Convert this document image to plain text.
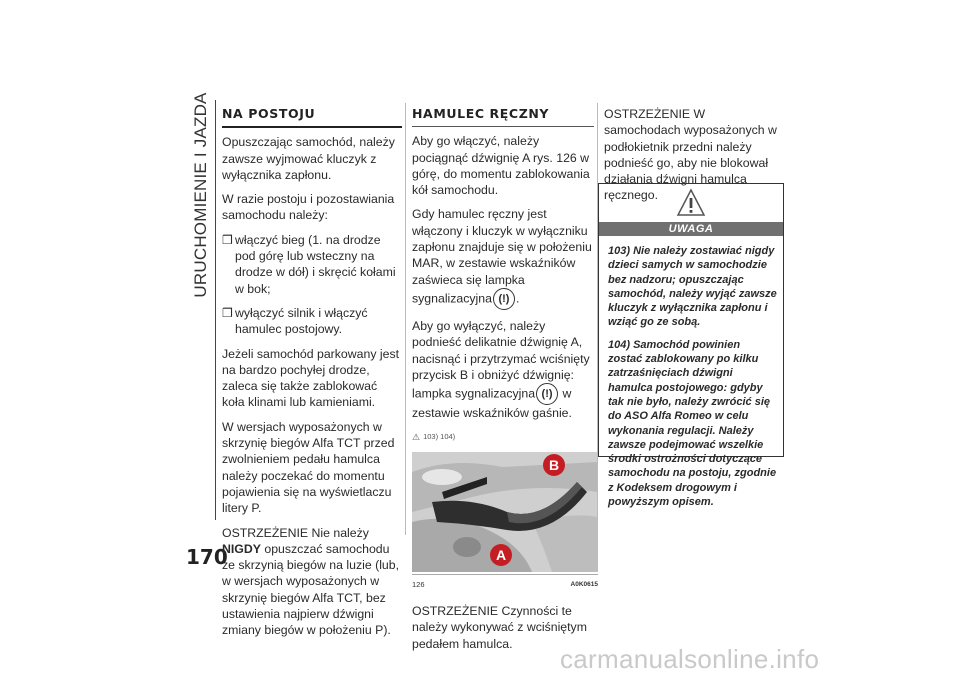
URUCHOMIENIE I JAZDA
170
NA POSTOJU

Opuszczając samochód, należy zawsze wyjmować kluczyk z wyłącznika zapłonu.

W razie postoju i pozostawiania samochodu należy:

❒ włączyć bieg (1. na drodze pod górę lub wsteczny na drodze w dół) i skręcić kołami w bok;
❒ wyłączyć silnik i włączyć hamulec postojowy.

Jeżeli samochód parkowany jest na bardzo pochyłej drodze, zaleca się także zablokować koła klinami lub kamieniami.

W wersjach wyposażonych w skrzynię biegów Alfa TCT przed zwolnieniem pedału hamulca należy poczekać do momentu pojawienia się na wyświetlaczu litery P.

OSTRZEŻENIE Nie należy NIGDY opuszczać samochodu ze skrzynią biegów na luzie (lub, w wersjach wyposażonych w skrzynię biegów Alfa TCT, bez ustawienia najpierw dźwigni zmiany biegów w położeniu P).

HAMULEC RĘCZNY

Aby go włączyć, należy pociągnąć dźwignię A rys. 126 w górę, do momentu zablokowania kół samochodu.

Gdy hamulec ręczny jest włączony i kluczyk w wyłączniku zapłonu znajduje się w położeniu MAR, w zestawie wskaźników zaświeca się lampka sygnalizacyjna (!) .

Aby go wyłączyć, należy podnieść delikatnie dźwignię A, nacisnąć i przytrzymać wciśnięty przycisk B i obniżyć dźwignię: lampka sygnalizacyjna (!) w zestawie wskaźników gaśnie.

⚠ 103) 104)
B
A
126	A0K0615

OSTRZEŻENIE Czynności te należy wykonywać z wciśniętym pedałem hamulca.

OSTRZEŻENIE W samochodach wyposażonych w podłokietnik przedni należy podnieść go, aby nie blokował działania dźwigni hamulca ręcznego.

UWAGA
103) Nie należy zostawiać nigdy dzieci samych w samochodzie bez nadzoru; opuszczając samochód, należy wyjąć zawsze kluczyk z wyłącznika zapłonu i wziąć go ze sobą.
104) Samochód powinien zostać zablokowany po kilku zatrzaśnięciach dźwigni hamulca postojowego: gdyby tak nie było, należy zwrócić się do ASO Alfa Romeo w celu wykonania regulacji. Należy zawsze podejmować wszelkie środki ostrożności dotyczące samochodu na postoju, zgodnie z Kodeksem drogowym i powyższym opisem.
carmanualsonline.info
